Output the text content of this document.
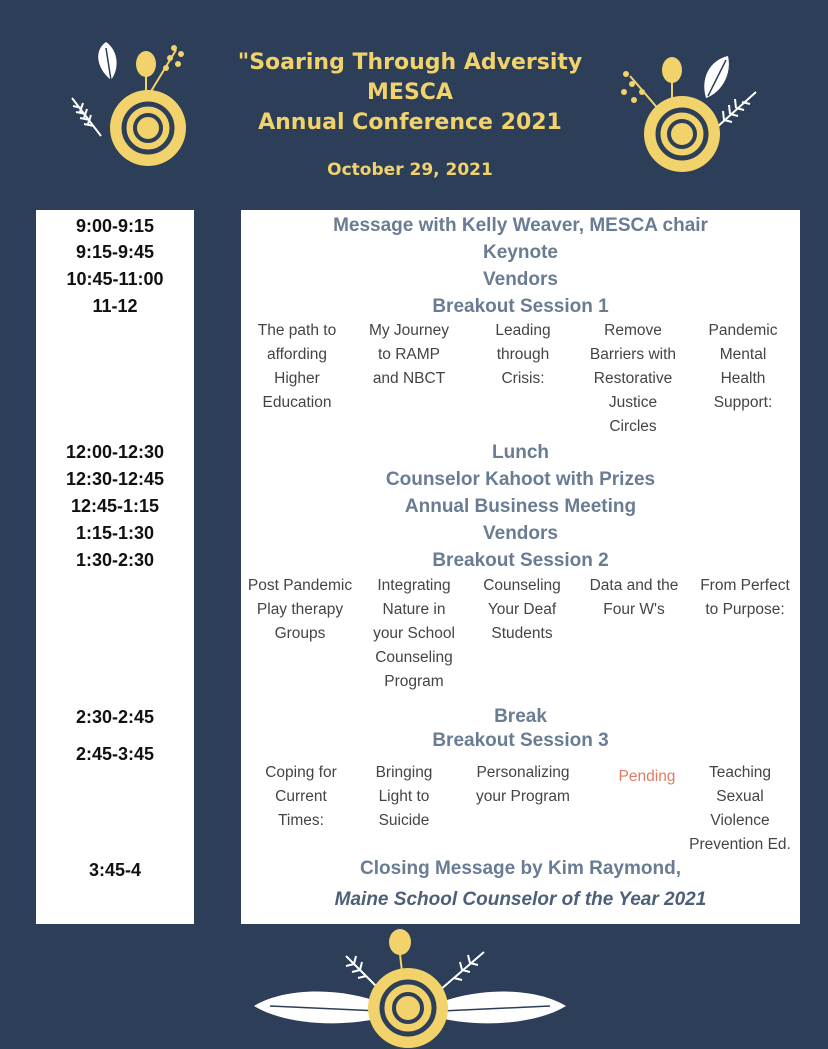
"Soaring Through Adversity
MESCA
Annual Conference 2021
October 29, 2021
9:00-9:15
9:15-9:45
10:45-11:00
11-12
12:00-12:30
12:30-12:45
12:45-1:15
1:15-1:30
1:30-2:30
2:30-2:45
2:45-3:45
3:45-4
Message with Kelly Weaver, MESCA chair
Keynote
Vendors
Breakout Session 1
The path to
affording
Higher
Education
My Journey
to RAMP
and NBCT
Leading
through
Crisis:
Remove
Barriers with
Restorative
Justice
Circles
Pandemic
Mental
Health
Support:
Lunch
Counselor Kahoot with Prizes
Annual Business Meeting
Vendors
Breakout Session 2
Post Pandemic
Play therapy
Groups
Integrating
Nature in
your School
Counseling
Program
Counseling
Your Deaf
Students
Data and the
Four W's
From Perfect
to Purpose:
Break
Breakout Session 3
Coping for
Current
Times:
Bringing
Light to
Suicide
Personalizing
your Program
Pending	Teaching
Sexual
Violence
Prevention Ed.
Closing Message by Kim Raymond,
Maine School Counselor of the Year 2021
